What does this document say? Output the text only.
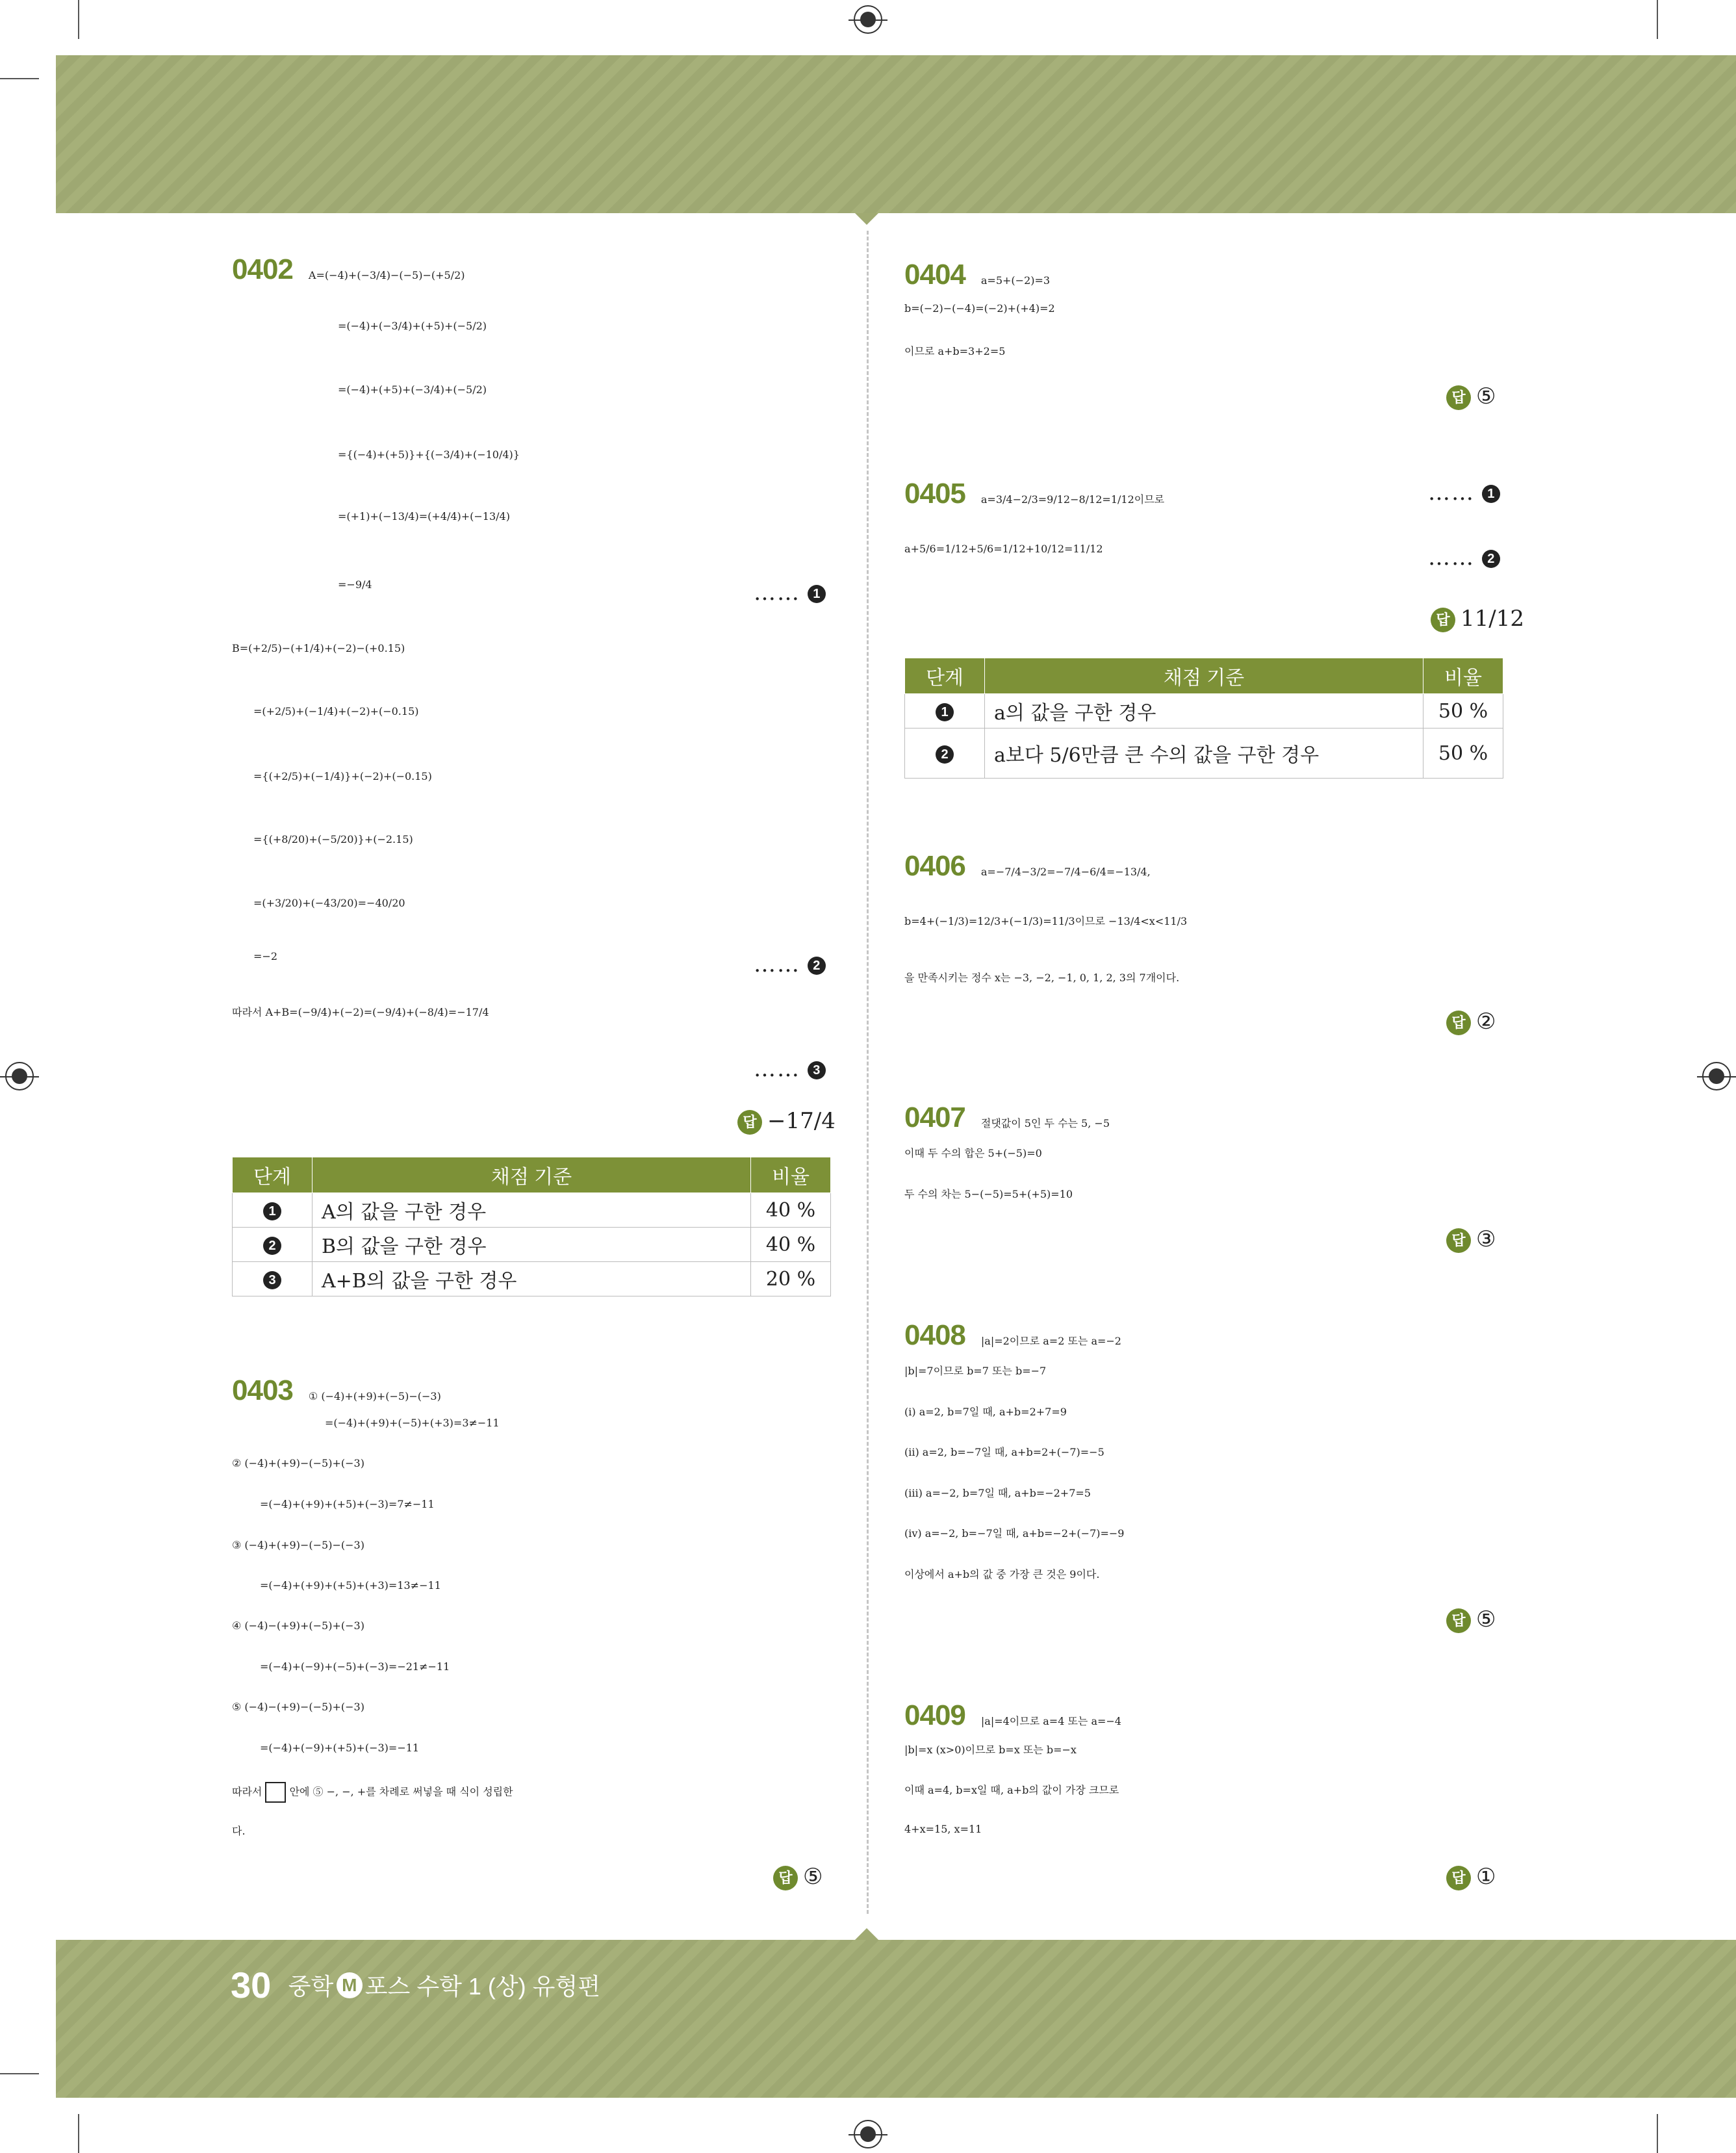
0402 A=(−4)+(−3/4)−(−5)−(+5/2)
=(−4)+(−3/4)+(+5)+(−5/2)
=(−4)+(+5)+(−3/4)+(−5/2)
={(−4)+(+5)}+{(−3/4)+(−10/4)}
=(+1)+(−13/4)=(+4/4)+(−13/4)
=−9/4	…… 1
B=(+2/5)−(+1/4)+(−2)−(+0.15)
=(+2/5)+(−1/4)+(−2)+(−0.15)
={(+2/5)+(−1/4)}+(−2)+(−0.15)
={(+8/20)+(−5/20)}+(−2.15)
=(+3/20)+(−43/20)=−40/20
=−2	…… 2
따라서 A+B=(−9/4)+(−2)=(−9/4)+(−8/4)=−17/4
…… 3
답 −17/4
단계	채점 기준	비율
1	A의 값을 구한 경우	40 %
2	B의 값을 구한 경우	40 %
3	A+B의 값을 구한 경우	20 %
0403 ① (−4)+(+9)+(−5)−(−3)
=(−4)+(+9)+(−5)+(+3)=3≠−11
② (−4)+(+9)−(−5)+(−3)
=(−4)+(+9)+(+5)+(−3)=7≠−11
③ (−4)+(+9)−(−5)−(−3)
=(−4)+(+9)+(+5)+(+3)=13≠−11
④ (−4)−(+9)+(−5)+(−3)
=(−4)+(−9)+(−5)+(−3)=−21≠−11
⑤ (−4)−(+9)−(−5)+(−3)
=(−4)+(−9)+(+5)+(−3)=−11
따라서	안에 ⑤ −, −, +를 차례로 써넣을 때 식이 성립한
다.
답 ⑤
0404 a=5+(−2)=3
b=(−2)−(−4)=(−2)+(+4)=2
이므로 a+b=3+2=5
답 ⑤
0405 a=3/4−2/3=9/12−8/12=1/12이므로	…… 1
a+5/6=1/12+5/6=1/12+10/12=11/12	…… 2
답 11/12
단계	채점 기준	비율
1	a의 값을 구한 경우	50 %
2	a보다 5/6만큼 큰 수의 값을 구한 경우	50 %
0406 a=−7/4−3/2=−7/4−6/4=−13/4,
b=4+(−1/3)=12/3+(−1/3)=11/3이므로 −13/4<x<11/3
을 만족시키는 정수 x는 −3, −2, −1, 0, 1, 2, 3의 7개이다.
답 ②
0407 절댓값이 5인 두 수는 5, −5
이때 두 수의 합은 5+(−5)=0
두 수의 차는 5−(−5)=5+(+5)=10
답 ③
0408 |a|=2이므로 a=2 또는 a=−2
|b|=7이므로 b=7 또는 b=−7
(i) a=2, b=7일 때, a+b=2+7=9
(ii) a=2, b=−7일 때, a+b=2+(−7)=−5
(iii) a=−2, b=7일 때, a+b=−2+7=5
(iv) a=−2, b=−7일 때, a+b=−2+(−7)=−9
이상에서 a+b의 값 중 가장 큰 것은 9이다.
답 ⑤
0409 |a|=4이므로 a=4 또는 a=−4
|b|=x (x>0)이므로 b=x 또는 b=−x
이때 a=4, b=x일 때, a+b의 값이 가장 크므로
4+x=15, x=11
답 ①
30 중학 M 포스 수학 1 (상) 유형편
